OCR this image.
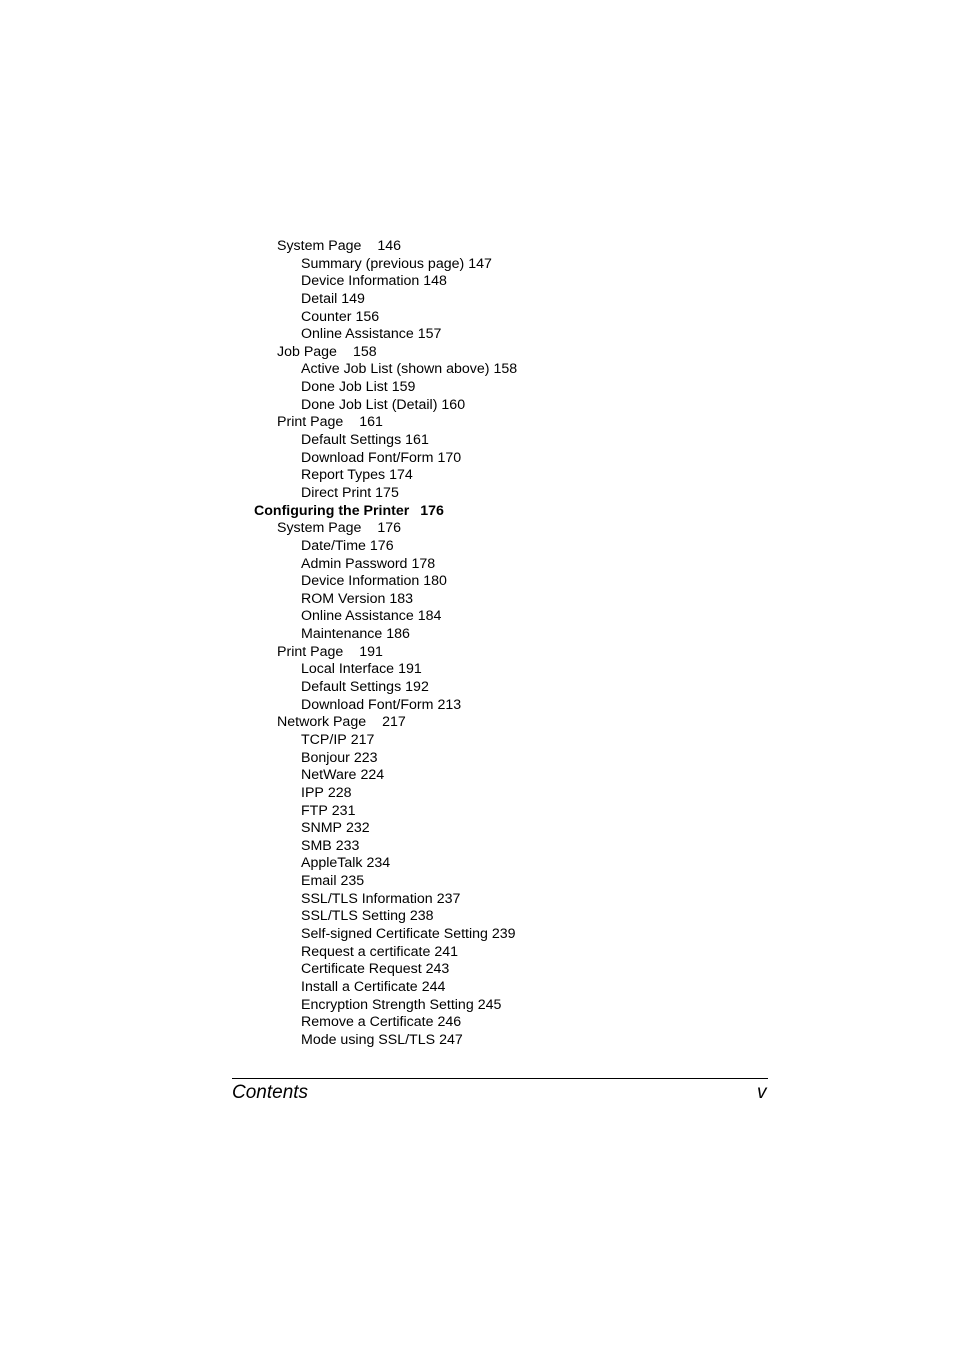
System Page 146
Summary (previous page) 147
Device Information 148
Detail 149
Counter 156
Online Assistance 157
Job Page 158
Active Job List (shown above) 158
Done Job List 159
Done Job List (Detail) 160
Print Page 161
Default Settings 161
Download Font/Form 170
Report Types 174
Direct Print 175
Configuring the Printer 176
System Page 176
Date/Time 176
Admin Password 178
Device Information 180
ROM Version 183
Online Assistance 184
Maintenance 186
Print Page 191
Local Interface 191
Default Settings 192
Download Font/Form 213
Network Page 217
TCP/IP 217
Bonjour 223
NetWare 224
IPP 228
FTP 231
SNMP 232
SMB 233
AppleTalk 234
Email 235
SSL/TLS Information 237
SSL/TLS Setting 238
Self-signed Certificate Setting 239
Request a certificate 241
Certificate Request 243
Install a Certificate 244
Encryption Strength Setting 245
Remove a Certificate 246
Mode using SSL/TLS 247
Contents	v
